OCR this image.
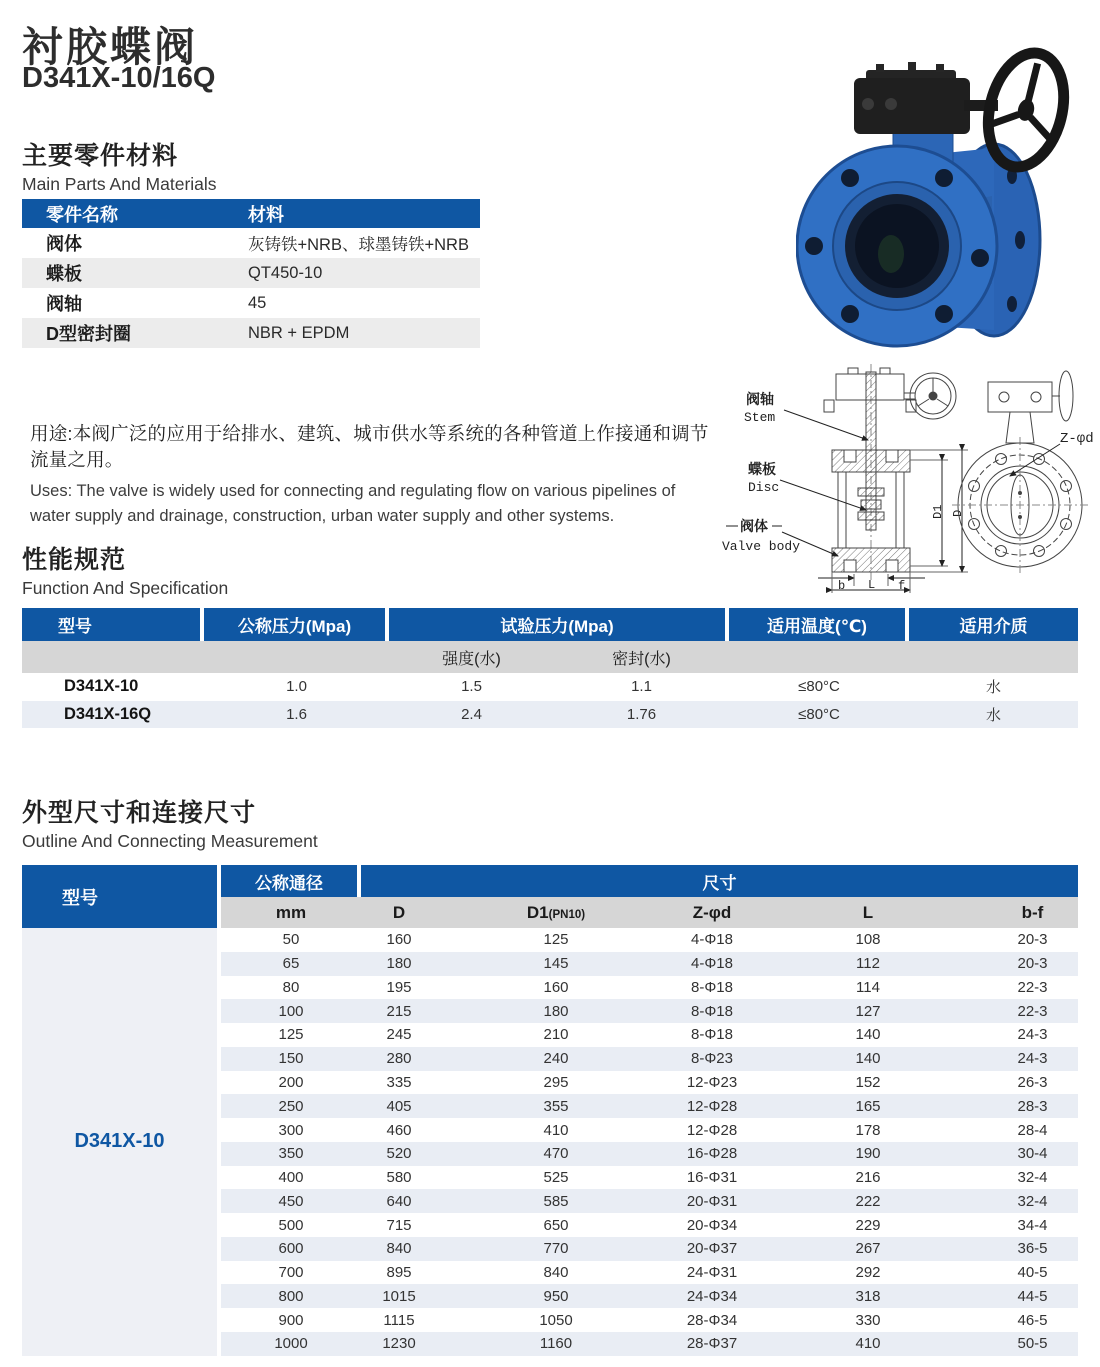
衬胶蝶阀
D341X-10/16Q
主要零件材料
Main Parts And Materials
零件名称	材料
阀体	灰铸铁+NRB、球墨铸铁+NRB
蝶板	QT450-10
阀轴	45
D型密封圈	NBR + EPDM
用途:本阀广泛的应用于给排水、建筑、城市供水等系统的各种管道上作接通和调节流量之用。
Uses: The valve is widely used for connecting and regulating flow on various pipelines of
water supply and drainage, construction, urban water supply and other systems.
阀轴
Stem
蝶板
Disc
阀体
Valve body
D1 D
b	f
L
Z-φd
性能规范
Function And Specification
型号	公称压力(Mpa)	试验压力(Mpa)	适用温度(℃)	适用介质
强度(水)	密封(水)
D341X-10	1.0	1.5	1.1	≤80°C	水
D341X-16Q	1.6	2.4	1.76	≤80°C	水
外型尺寸和连接尺寸
Outline And Connecting Measurement
型号
公称通径	尺寸
mm	D	D1(PN10)	Z-φd	L	b-f
D341X-10
50	160	125	4-Φ18	108	20-3
65	180	145	4-Φ18	112	20-3
80	195	160	8-Φ18	114	22-3
100	215	180	8-Φ18	127	22-3
125	245	210	8-Φ18	140	24-3
150	280	240	8-Φ23	140	24-3
200	335	295	12-Φ23	152	26-3
250	405	355	12-Φ28	165	28-3
300	460	410	12-Φ28	178	28-4
350	520	470	16-Φ28	190	30-4
400	580	525	16-Φ31	216	32-4
450	640	585	20-Φ31	222	32-4
500	715	650	20-Φ34	229	34-4
600	840	770	20-Φ37	267	36-5
700	895	840	24-Φ31	292	40-5
800	1015	950	24-Φ34	318	44-5
900	1115	1050	28-Φ34	330	46-5
1000	1230	1160	28-Φ37	410	50-5
